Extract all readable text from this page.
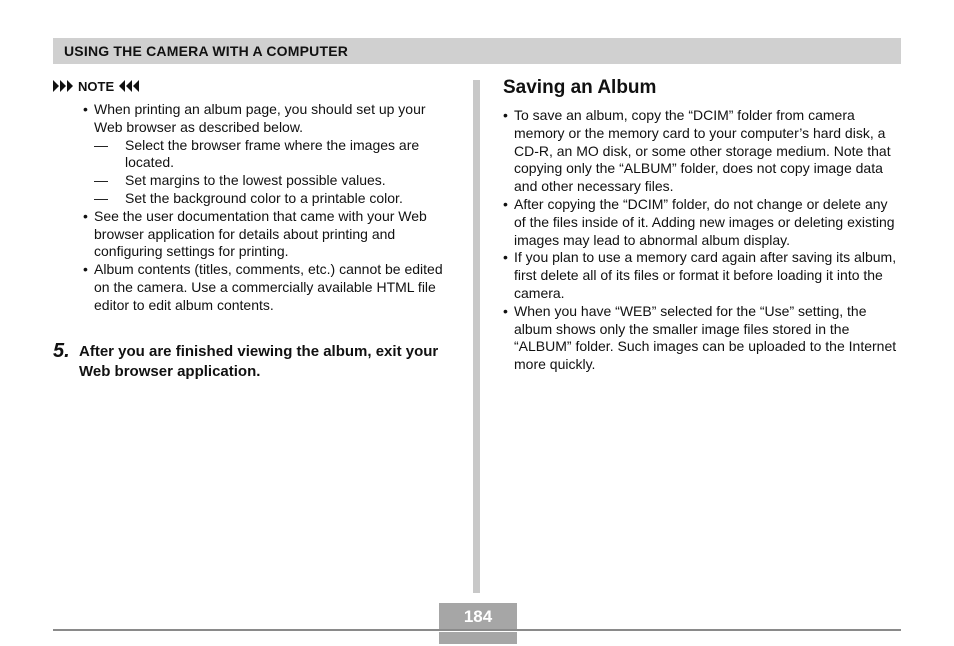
USING THE CAMERA WITH A COMPUTER
NOTE
• When printing an album page, you should set up your Web browser as described below.
— Select the browser frame where the images are located.
— Set margins to the lowest possible values.
— Set the background color to a printable color.
• See the user documentation that came with your Web browser application for details about printing and configuring settings for printing.
• Album contents (titles, comments, etc.) cannot be edited on the camera. Use a commercially available HTML file editor to edit album contents.
5. After you are finished viewing the album, exit your Web browser application.
Saving an Album
• To save an album, copy the “DCIM” folder from camera memory or the memory card to your computer’s hard disk, a CD-R, an MO disk, or some other storage medium. Note that copying only the “ALBUM” folder, does not copy image data and other necessary files.
• After copying the “DCIM” folder, do not change or delete any of the files inside of it. Adding new images or deleting existing images may lead to abnormal album display.
• If you plan to use a memory card again after saving its album, first delete all of its files or format it before loading it into the camera.
• When you have “WEB” selected for the “Use” setting, the album shows only the smaller image files stored in the “ALBUM” folder. Such images can be uploaded to the Internet more quickly.
184
